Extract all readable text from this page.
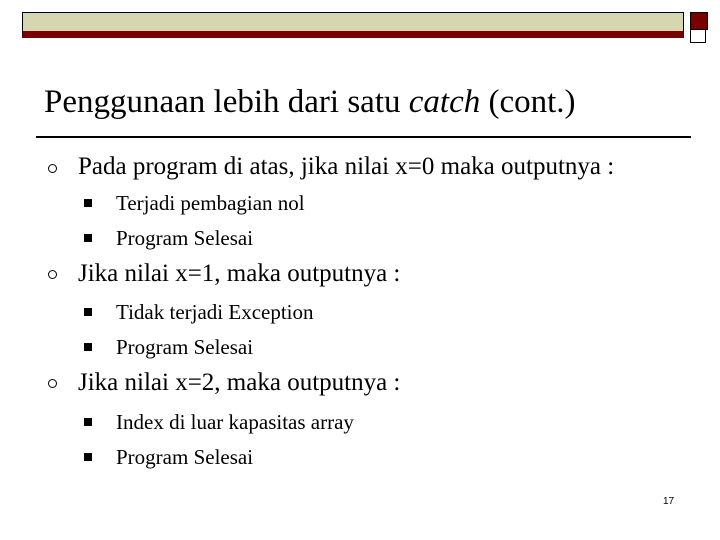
Penggunaan lebih dari satu catch (cont.)
Pada program di atas, jika nilai x=0 maka outputnya :
Terjadi pembagian nol
Program Selesai
Jika nilai x=1, maka outputnya :
Tidak terjadi Exception
Program Selesai
Jika nilai x=2, maka outputnya :
Index di luar kapasitas array
Program Selesai
17
